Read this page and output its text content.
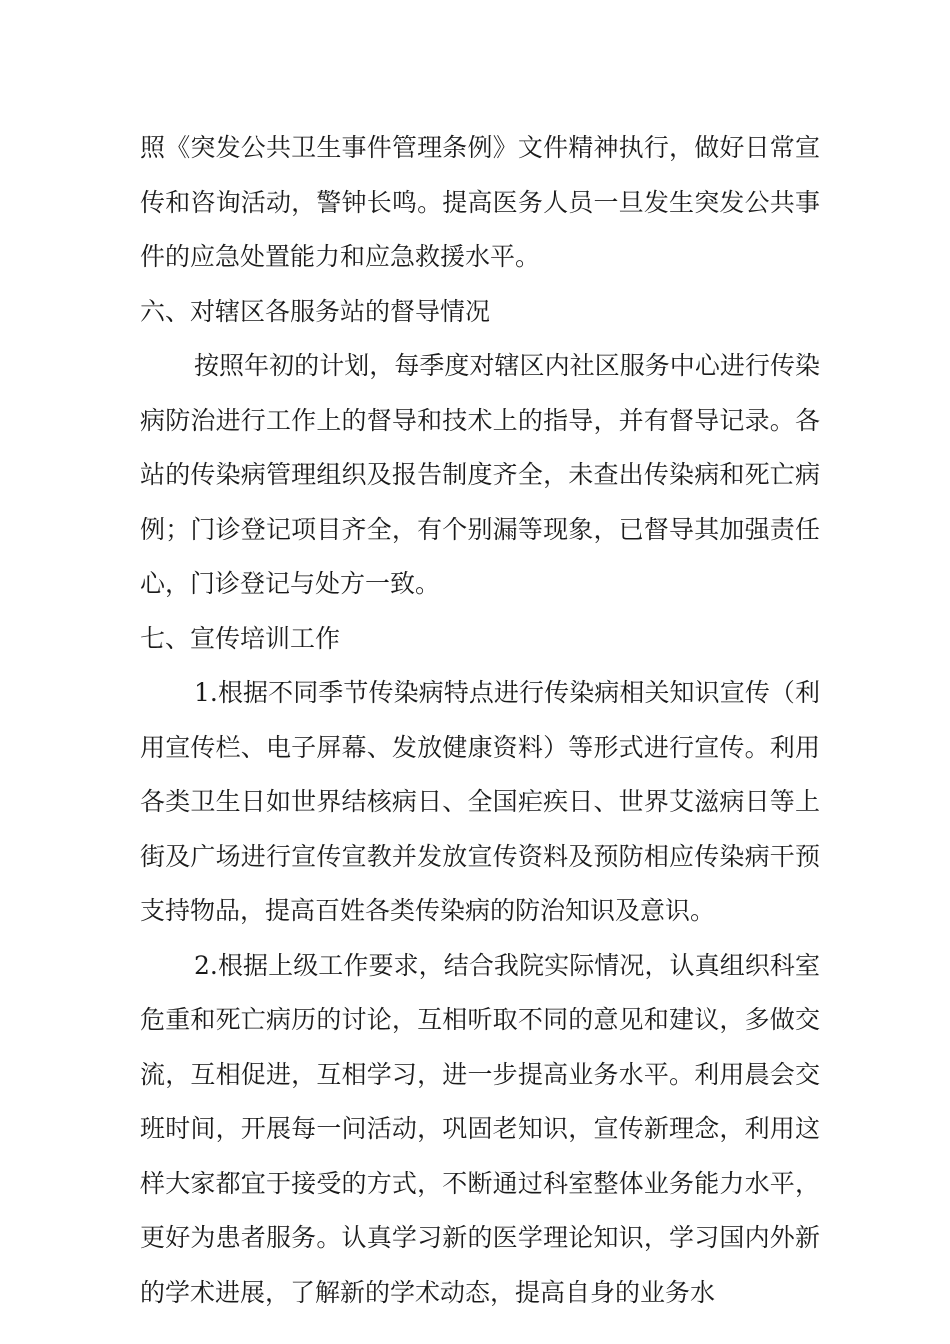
照《突发公共卫生事件管理条例》文件精神执行，做好日常宣传和咨询活动，警钟长鸣。提高医务人员一旦发生突发公共事件的应急处置能力和应急救援水平。

六、对辖区各服务站的督导情况

按照年初的计划，每季度对辖区内社区服务中心进行传染病防治进行工作上的督导和技术上的指导，并有督导记录。各站的传染病管理组织及报告制度齐全，未查出传染病和死亡病例；门诊登记项目齐全，有个别漏等现象，已督导其加强责任心，门诊登记与处方一致。

七、宣传培训工作

1.根据不同季节传染病特点进行传染病相关知识宣传（利用宣传栏、电子屏幕、发放健康资料）等形式进行宣传。利用各类卫生日如世界结核病日、全国疟疾日、世界艾滋病日等上街及广场进行宣传宣教并发放宣传资料及预防相应传染病干预支持物品，提高百姓各类传染病的防治知识及意识。

2.根据上级工作要求，结合我院实际情况，认真组织科室危重和死亡病历的讨论，互相听取不同的意见和建议，多做交流，互相促进，互相学习，进一步提高业务水平。利用晨会交班时间，开展每一问活动，巩固老知识，宣传新理念，利用这样大家都宜于接受的方式，不断通过科室整体业务能力水平，更好为患者服务。认真学习新的医学理论知识，学习国内外新的学术进展，了解新的学术动态，提高自身的业务水
